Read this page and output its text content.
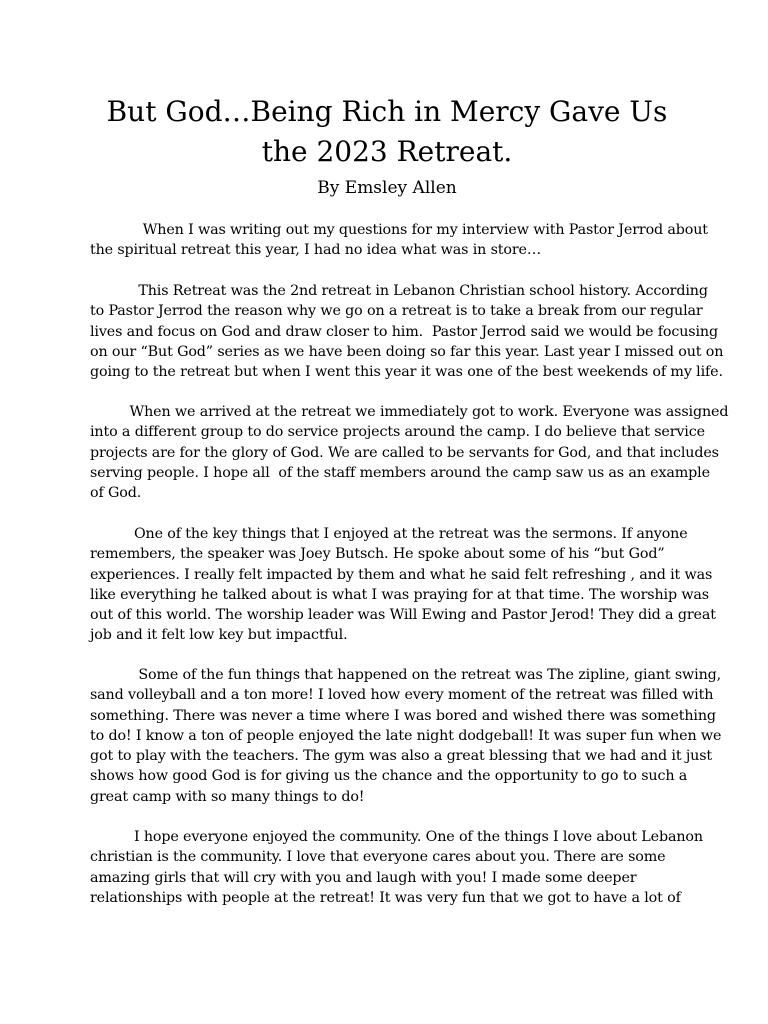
But God…Being Rich in Mercy Gave Us
the 2023 Retreat.

By Emsley Allen

When I was writing out my questions for my interview with Pastor Jerrod about
the spiritual retreat this year, I had no idea what was in store…

This Retreat was the 2nd retreat in Lebanon Christian school history. According
to Pastor Jerrod the reason why we go on a retreat is to take a break from our regular
lives and focus on God and draw closer to him.  Pastor Jerrod said we would be focusing
on our “But God” series as we have been doing so far this year. Last year I missed out on
going to the retreat but when I went this year it was one of the best weekends of my life.

When we arrived at the retreat we immediately got to work. Everyone was assigned
into a different group to do service projects around the camp. I do believe that service
projects are for the glory of God. We are called to be servants for God, and that includes
serving people. I hope all  of the staff members around the camp saw us as an example
of God.

One of the key things that I enjoyed at the retreat was the sermons. If anyone
remembers, the speaker was Joey Butsch. He spoke about some of his “but God”
experiences. I really felt impacted by them and what he said felt refreshing , and it was
like everything he talked about is what I was praying for at that time. The worship was
out of this world. The worship leader was Will Ewing and Pastor Jerod! They did a great
job and it felt low key but impactful.

Some of the fun things that happened on the retreat was The zipline, giant swing,
sand volleyball and a ton more! I loved how every moment of the retreat was filled with
something. There was never a time where I was bored and wished there was something
to do! I know a ton of people enjoyed the late night dodgeball! It was super fun when we
got to play with the teachers. The gym was also a great blessing that we had and it just
shows how good God is for giving us the chance and the opportunity to go to such a
great camp with so many things to do!

I hope everyone enjoyed the community. One of the things I love about Lebanon
christian is the community. I love that everyone cares about you. There are some
amazing girls that will cry with you and laugh with you! I made some deeper
relationships with people at the retreat! It was very fun that we got to have a lot of
